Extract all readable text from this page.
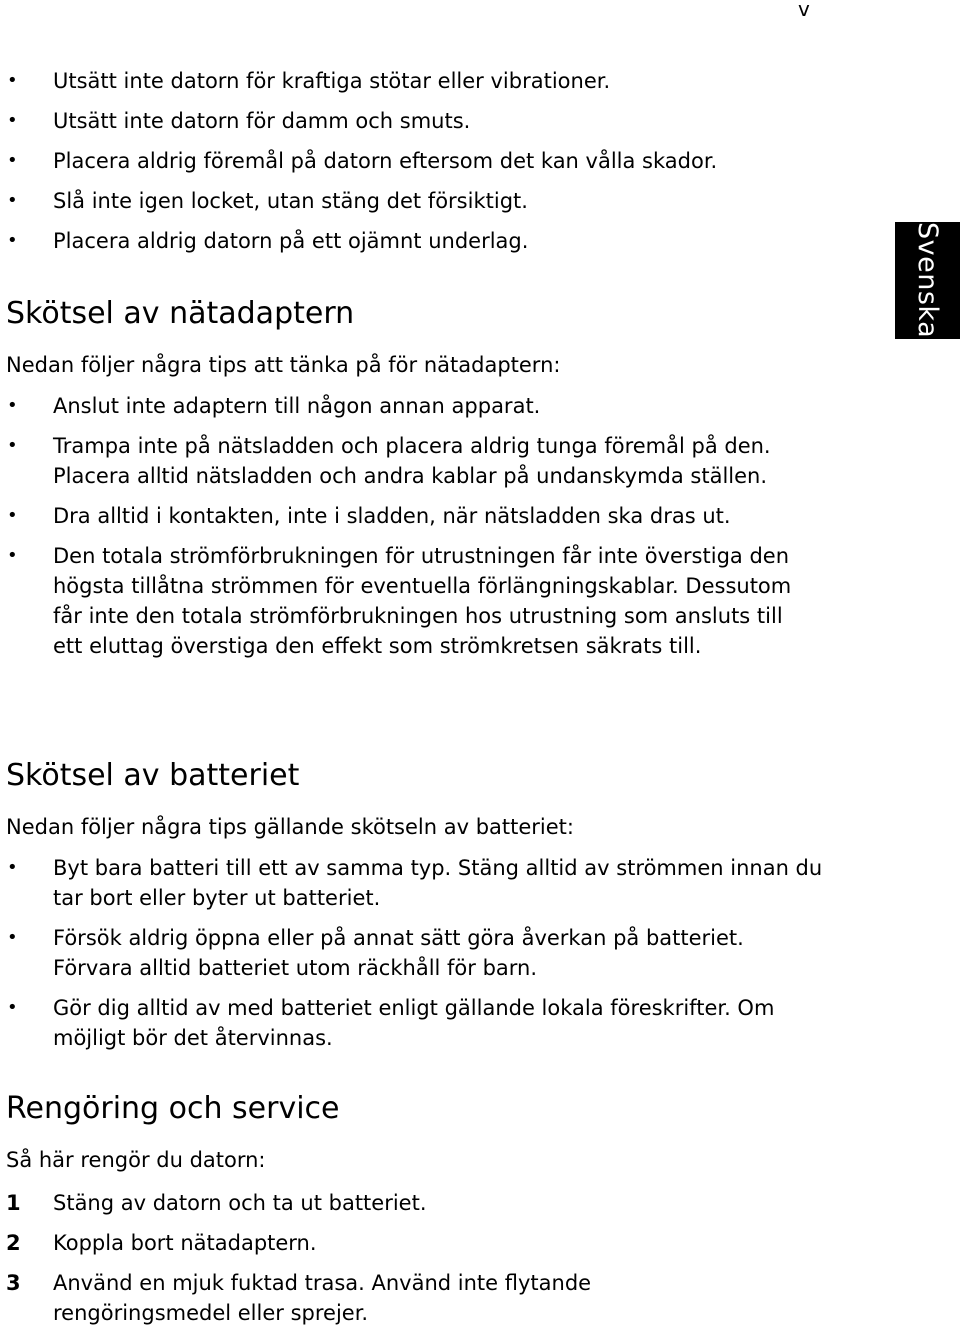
v
Svenska
•	Utsätt inte datorn för kraftiga stötar eller vibrationer.
•	Utsätt inte datorn för damm och smuts.
•	Placera aldrig föremål på datorn eftersom det kan vålla skador.
•	Slå inte igen locket, utan stäng det försiktigt.
•	Placera aldrig datorn på ett ojämnt underlag.
Skötsel av nätadaptern

Nedan följer några tips att tänka på för nätadaptern:

•	Anslut inte adaptern till någon annan apparat.
•	Trampa inte på nätsladden och placera aldrig tunga föremål på den. Placera alltid nätsladden och andra kablar på undanskymda ställen.
•	Dra alltid i kontakten, inte i sladden, när nätsladden ska dras ut.
•	Den totala strömförbrukningen för utrustningen får inte överstiga den högsta tillåtna strömmen för eventuella förlängningskablar. Dessutom får inte den totala strömförbrukningen hos utrustning som ansluts till ett eluttag överstiga den effekt som strömkretsen säkrats till.
Skötsel av batteriet

Nedan följer några tips gällande skötseln av batteriet:

•	Byt bara batteri till ett av samma typ. Stäng alltid av strömmen innan du tar bort eller byter ut batteriet.
•	Försök aldrig öppna eller på annat sätt göra åverkan på batteriet. Förvara alltid batteriet utom räckhåll för barn.
•	Gör dig alltid av med batteriet enligt gällande lokala föreskrifter. Om möjligt bör det återvinnas.
Rengöring och service

Så här rengör du datorn:

1 Stäng av datorn och ta ut batteriet.
2 Koppla bort nätadaptern.
3 Använd en mjuk fuktad trasa. Använd inte flytande rengöringsmedel eller sprejer.
